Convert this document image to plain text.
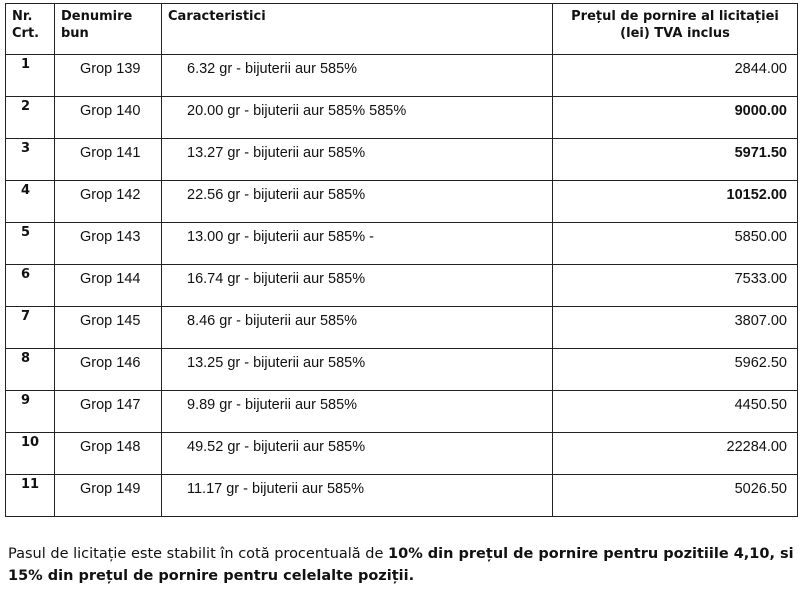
Nr. Crt.	Denumire bun	Caracteristici	Prețul de pornire al licitației (lei) TVA inclus

1	Grop 139	6.32 gr - bijuterii aur 585%	2844.00

2	Grop 140	20.00 gr - bijuterii aur 585% 585%	9000.00

3	Grop 141	13.27 gr - bijuterii aur 585%	5971.50

4	Grop 142	22.56 gr - bijuterii aur 585%	10152.00

5	Grop 143	13.00 gr - bijuterii aur 585% -	5850.00

6	Grop 144	16.74 gr - bijuterii aur 585%	7533.00

7	Grop 145	8.46 gr - bijuterii aur 585%	3807.00

8	Grop 146	13.25 gr - bijuterii aur 585%	5962.50

9	Grop 147	9.89 gr - bijuterii aur 585%	4450.50

10	Grop 148	49.52 gr - bijuterii aur 585%	22284.00

11	Grop 149	11.17 gr - bijuterii aur 585%	5026.50
Pasul de licitație este stabilit în cotă procentuală de 10% din prețul de pornire pentru pozitiile 4,10, si 15% din prețul de pornire pentru celelalte poziții.
